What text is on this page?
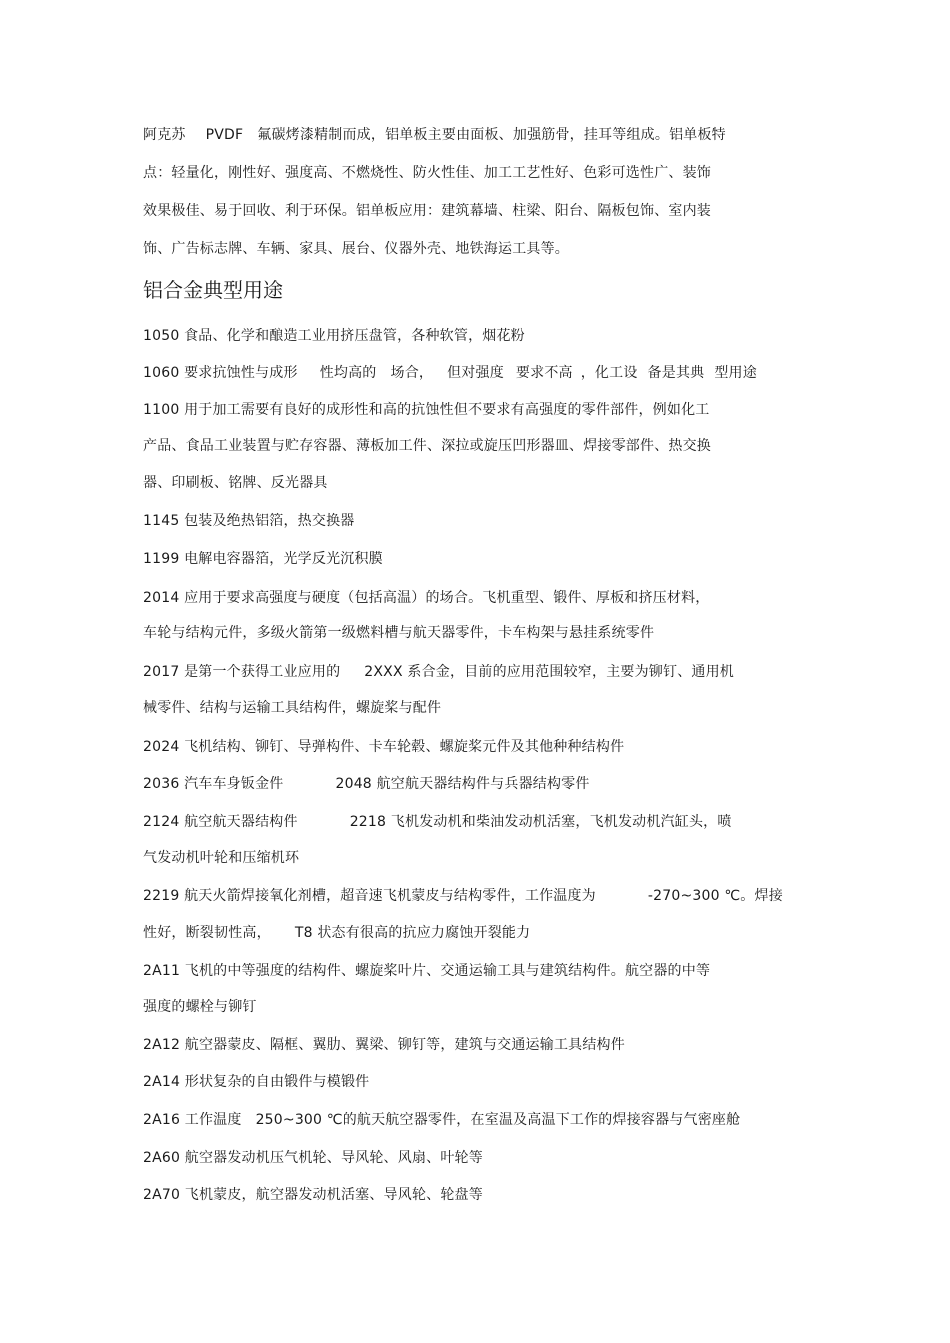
阿克苏 PVDF 氟碳烤漆精制而成，铝单板主要由面板、加强筋骨，挂耳等组成。铝单板特
点：轻量化，刚性好、强度高、不燃烧性、防火性佳、加工工艺性好、色彩可选性广、装饰
效果极佳、易于回收、利于环保。铝单板应用：建筑幕墙、柱梁、阳台、隔板包饰、室内装
饰、广告标志牌、车辆、家具、展台、仪器外壳、地铁海运工具等。
铝合金典型用途
1050 食品、化学和酿造工业用挤压盘管，各种软管，烟花粉
1060 要求抗蚀性与成形 性均高的 场合， 但对强度 要求不高 ，化工设 备是其典 型用途
1100 用于加工需要有良好的成形性和高的抗蚀性但不要求有高强度的零件部件，例如化工
产品、食品工业装置与贮存容器、薄板加工件、深拉或旋压凹形器皿、焊接零部件、热交换
器、印刷板、铭牌、反光器具
1145 包装及绝热铝箔，热交换器
1199 电解电容器箔，光学反光沉积膜
2014 应用于要求高强度与硬度（包括高温）的场合。飞机重型、锻件、厚板和挤压材料，
车轮与结构元件，多级火箭第一级燃料槽与航天器零件，卡车构架与悬挂系统零件
2017 是第一个获得工业应用的 2XXX 系合金，目前的应用范围较窄，主要为铆钉、通用机
械零件、结构与运输工具结构件，螺旋桨与配件
2024 飞机结构、铆钉、导弹构件、卡车轮毂、螺旋桨元件及其他种种结构件
2036 汽车车身钣金件	2048 航空航天器结构件与兵器结构零件
2124 航空航天器结构件	2218 飞机发动机和柴油发动机活塞，飞机发动机汽缸头，喷
气发动机叶轮和压缩机环
2219 航天火箭焊接氧化剂槽，超音速飞机蒙皮与结构零件，工作温度为	-270~300 ℃。焊接
性好，断裂韧性高， T8 状态有很高的抗应力腐蚀开裂能力
2A11 飞机的中等强度的结构件、螺旋桨叶片、交通运输工具与建筑结构件。航空器的中等
强度的螺栓与铆钉
2A12 航空器蒙皮、隔框、翼肋、翼梁、铆钉等，建筑与交通运输工具结构件
2A14 形状复杂的自由锻件与模锻件
2A16 工作温度 250~300 ℃的航天航空器零件，在室温及高温下工作的焊接容器与气密座舱
2A60 航空器发动机压气机轮、导风轮、风扇、叶轮等
2A70 飞机蒙皮，航空器发动机活塞、导风轮、轮盘等
